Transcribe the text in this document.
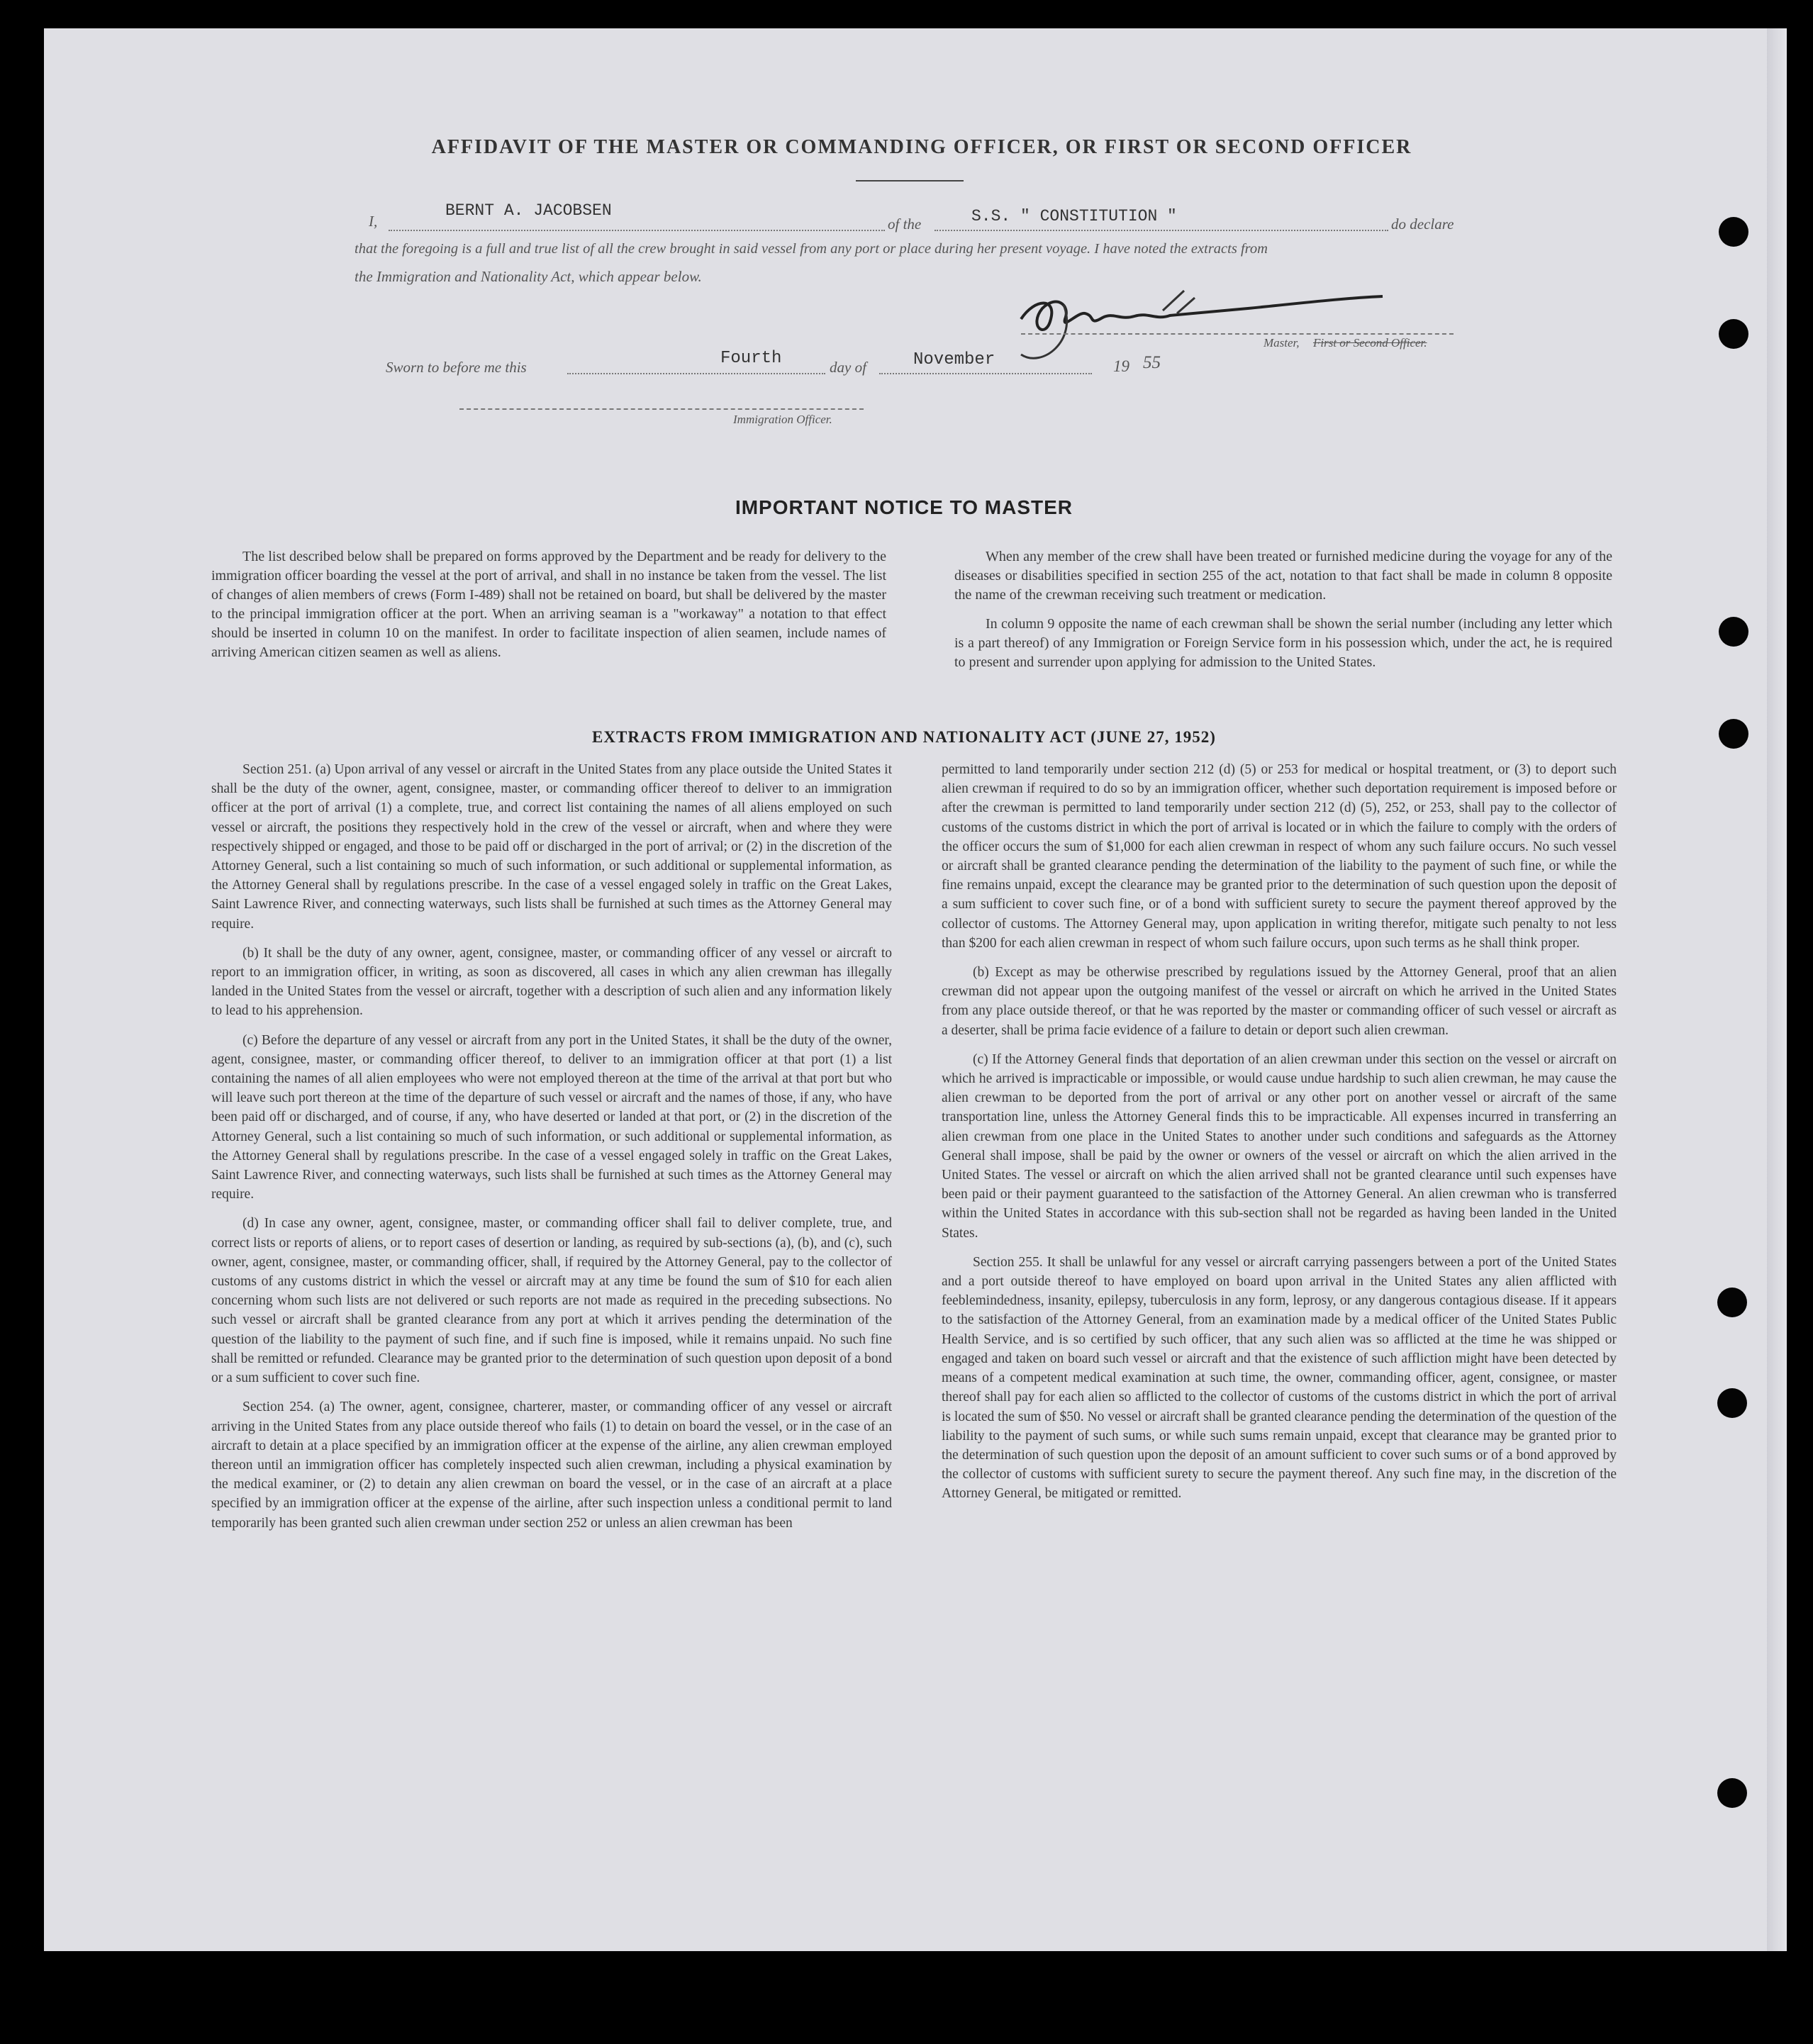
AFFIDAVIT OF THE MASTER OR COMMANDING OFFICER, OR FIRST OR SECOND OFFICER
I,
BERNT A. JACOBSEN
of the	S.S. " CONSTITUTION "	do declare
that the foregoing is a full and true list of all the crew brought in said vessel from any port or place during her present voyage. I have noted the extracts from
the Immigration and Nationality Act, which appear below.
Master, First or Second Officer.
Sworn to before me this	Fourth	day of	November	19 55
Immigration Officer.
IMPORTANT NOTICE TO MASTER

The list described below shall be prepared on forms approved by the Department and be ready for delivery to the immigration officer boarding the vessel at the port of arrival, and shall in no instance be taken from the vessel. The list of changes of alien members of crews (Form I-489) shall not be retained on board, but shall be delivered by the master to the principal immigration officer at the port. When an arriving seaman is a "workaway" a notation to that effect should be inserted in column 10 on the manifest. In order to facilitate inspection of alien seamen, include names of arriving American citizen seamen as well as aliens.

When any member of the crew shall have been treated or furnished medicine during the voyage for any of the diseases or disabilities specified in section 255 of the act, notation to that fact shall be made in column 8 opposite the name of the crewman receiving such treatment or medication.

In column 9 opposite the name of each crewman shall be shown the serial number (including any letter which is a part thereof) of any Immigration or Foreign Service form in his possession which, under the act, he is required to present and surrender upon applying for admission to the United States.

EXTRACTS FROM IMMIGRATION AND NATIONALITY ACT (JUNE 27, 1952)

Section 251. (a) Upon arrival of any vessel or aircraft in the United States from any place outside the United States it shall be the duty of the owner, agent, consignee, master, or commanding officer thereof to deliver to an immigration officer at the port of arrival (1) a complete, true, and correct list containing the names of all aliens employed on such vessel or aircraft, the positions they respectively hold in the crew of the vessel or aircraft, when and where they were respectively shipped or engaged, and those to be paid off or discharged in the port of arrival; or (2) in the discretion of the Attorney General, such a list containing so much of such information, or such additional or supplemental information, as the Attorney General shall by regulations prescribe. In the case of a vessel engaged solely in traffic on the Great Lakes, Saint Lawrence River, and connecting waterways, such lists shall be furnished at such times as the Attorney General may require.

(b) It shall be the duty of any owner, agent, consignee, master, or commanding officer of any vessel or aircraft to report to an immigration officer, in writing, as soon as discovered, all cases in which any alien crewman has illegally landed in the United States from the vessel or aircraft, together with a description of such alien and any information likely to lead to his apprehension.

(c) Before the departure of any vessel or aircraft from any port in the United States, it shall be the duty of the owner, agent, consignee, master, or commanding officer thereof, to deliver to an immigration officer at that port (1) a list containing the names of all alien employees who were not employed thereon at the time of the arrival at that port but who will leave such port thereon at the time of the departure of such vessel or aircraft and the names of those, if any, who have been paid off or discharged, and of course, if any, who have deserted or landed at that port, or (2) in the discretion of the Attorney General, such a list containing so much of such information, or such additional or supplemental information, as the Attorney General shall by regulations prescribe. In the case of a vessel engaged solely in traffic on the Great Lakes, Saint Lawrence River, and connecting waterways, such lists shall be furnished at such times as the Attorney General may require.

(d) In case any owner, agent, consignee, master, or commanding officer shall fail to deliver complete, true, and correct lists or reports of aliens, or to report cases of desertion or landing, as required by sub-sections (a), (b), and (c), such owner, agent, consignee, master, or commanding officer, shall, if required by the Attorney General, pay to the collector of customs of any customs district in which the vessel or aircraft may at any time be found the sum of $10 for each alien concerning whom such lists are not delivered or such reports are not made as required in the preceding subsections. No such vessel or aircraft shall be granted clearance from any port at which it arrives pending the determination of the question of the liability to the payment of such fine, and if such fine is imposed, while it remains unpaid. No such fine shall be remitted or refunded. Clearance may be granted prior to the determination of such question upon deposit of a bond or a sum sufficient to cover such fine.

Section 254. (a) The owner, agent, consignee, charterer, master, or commanding officer of any vessel or aircraft arriving in the United States from any place outside thereof who fails (1) to detain on board the vessel, or in the case of an aircraft to detain at a place specified by an immigration officer at the expense of the airline, any alien crewman employed thereon until an immigration officer has completely inspected such alien crewman, including a physical examination by the medical examiner, or (2) to detain any alien crewman on board the vessel, or in the case of an aircraft at a place specified by an immigration officer at the expense of the airline, after such inspection unless a conditional permit to land temporarily has been granted such alien crewman under section 252 or unless an alien crewman has been

permitted to land temporarily under section 212 (d) (5) or 253 for medical or hospital treatment, or (3) to deport such alien crewman if required to do so by an immigration officer, whether such deportation requirement is imposed before or after the crewman is permitted to land temporarily under section 212 (d) (5), 252, or 253, shall pay to the collector of customs of the customs district in which the port of arrival is located or in which the failure to comply with the orders of the officer occurs the sum of $1,000 for each alien crewman in respect of whom any such failure occurs. No such vessel or aircraft shall be granted clearance pending the determination of the liability to the payment of such fine, or while the fine remains unpaid, except the clearance may be granted prior to the determination of such question upon the deposit of a sum sufficient to cover such fine, or of a bond with sufficient surety to secure the payment thereof approved by the collector of customs. The Attorney General may, upon application in writing therefor, mitigate such penalty to not less than $200 for each alien crewman in respect of whom such failure occurs, upon such terms as he shall think proper.

(b) Except as may be otherwise prescribed by regulations issued by the Attorney General, proof that an alien crewman did not appear upon the outgoing manifest of the vessel or aircraft on which he arrived in the United States from any place outside thereof, or that he was reported by the master or commanding officer of such vessel or aircraft as a deserter, shall be prima facie evidence of a failure to detain or deport such alien crewman.

(c) If the Attorney General finds that deportation of an alien crewman under this section on the vessel or aircraft on which he arrived is impracticable or impossible, or would cause undue hardship to such alien crewman, he may cause the alien crewman to be deported from the port of arrival or any other port on another vessel or aircraft of the same transportation line, unless the Attorney General finds this to be impracticable. All expenses incurred in transferring an alien crewman from one place in the United States to another under such conditions and safeguards as the Attorney General shall impose, shall be paid by the owner or owners of the vessel or aircraft on which the alien arrived in the United States. The vessel or aircraft on which the alien arrived shall not be granted clearance until such expenses have been paid or their payment guaranteed to the satisfaction of the Attorney General. An alien crewman who is transferred within the United States in accordance with this sub-section shall not be regarded as having been landed in the United States.

Section 255. It shall be unlawful for any vessel or aircraft carrying passengers between a port of the United States and a port outside thereof to have employed on board upon arrival in the United States any alien afflicted with feeblemindedness, insanity, epilepsy, tuberculosis in any form, leprosy, or any dangerous contagious disease. If it appears to the satisfaction of the Attorney General, from an examination made by a medical officer of the United States Public Health Service, and is so certified by such officer, that any such alien was so afflicted at the time he was shipped or engaged and taken on board such vessel or aircraft and that the existence of such affliction might have been detected by means of a competent medical examination at such time, the owner, commanding officer, agent, consignee, or master thereof shall pay for each alien so afflicted to the collector of customs of the customs district in which the port of arrival is located the sum of $50. No vessel or aircraft shall be granted clearance pending the determination of the question of the liability to the payment of such sums, or while such sums remain unpaid, except that clearance may be granted prior to the determination of such question upon the deposit of an amount sufficient to cover such sums or of a bond approved by the collector of customs with sufficient surety to secure the payment thereof. Any such fine may, in the discretion of the Attorney General, be mitigated or remitted.
